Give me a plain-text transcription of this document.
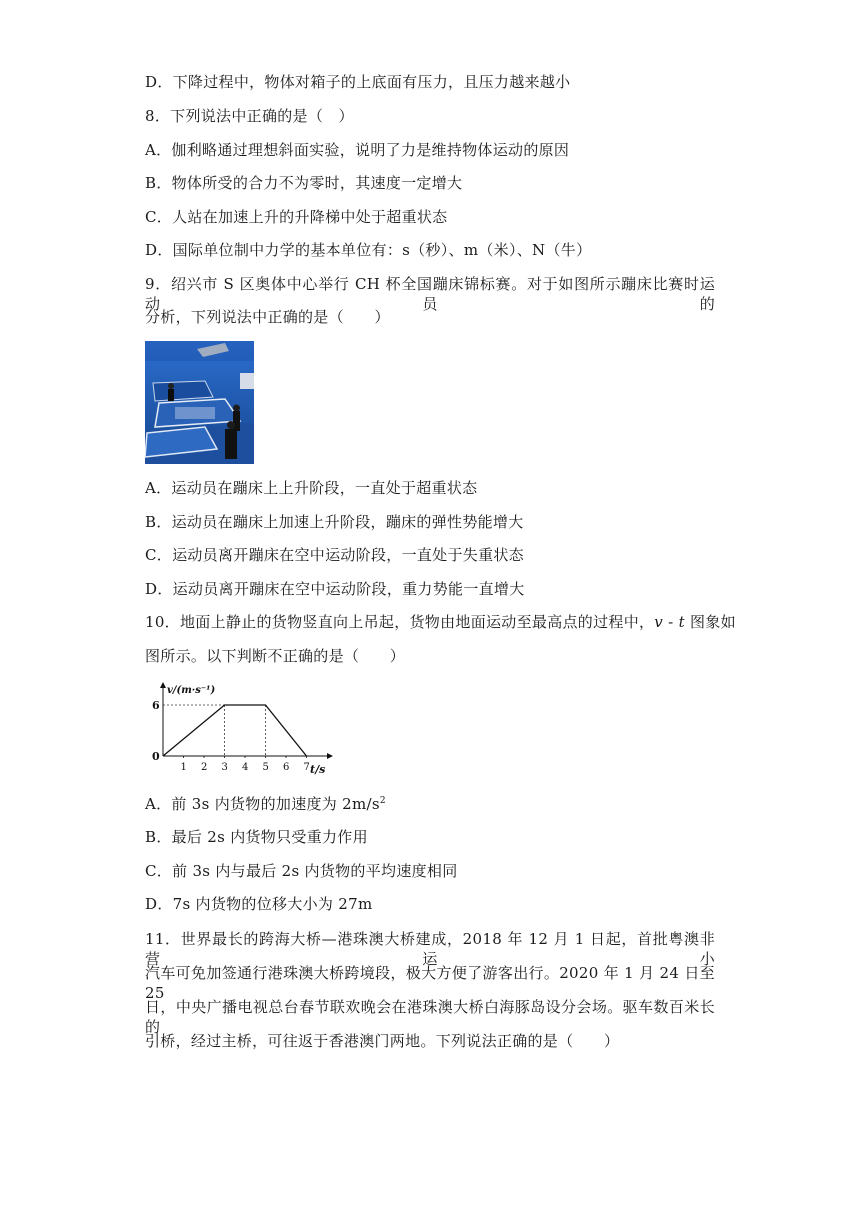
D．下降过程中，物体对箱子的上底面有压力，且压力越来越小
8．下列说法中正确的是（　）
A．伽利略通过理想斜面实验，说明了力是维持物体运动的原因
B．物体所受的合力不为零时，其速度一定增大
C．人站在加速上升的升降梯中处于超重状态
D．国际单位制中力学的基本单位有：s（秒）、m（米）、N（牛）
9．绍兴市 S 区奥体中心举行 CH 杯全国蹦床锦标赛。对于如图所示蹦床比赛时运动员的
分析，下列说法中正确的是（　　）
A．运动员在蹦床上上升阶段，一直处于超重状态
B．运动员在蹦床上加速上升阶段，蹦床的弹性势能增大
C．运动员离开蹦床在空中运动阶段，一直处于失重状态
D．运动员离开蹦床在空中运动阶段，重力势能一直增大
10．地面上静止的货物竖直向上吊起，货物由地面运动至最高点的过程中，v - t 图象如
图所示。以下判断不正确的是（　　）
v/(m·s⁻¹)
t/s
0
6
1 2 3 4 5 6 7
A．前 3s 内货物的加速度为 $2m/s^2$
B．最后 2s 内货物只受重力作用
C．前 3s 内与最后 2s 内货物的平均速度相同
D．7s 内货物的位移大小为 27m
11．世界最长的跨海大桥—港珠澳大桥建成，2018 年 12 月 1 日起，首批粤澳非营运小
汽车可免加签通行港珠澳大桥跨境段，极大方便了游客出行。2020 年 1 月 24 日至 25
日，中央广播电视总台春节联欢晚会在港珠澳大桥白海豚岛设分会场。驱车数百米长的
引桥，经过主桥，可往返于香港澳门两地。下列说法正确的是（　　）
